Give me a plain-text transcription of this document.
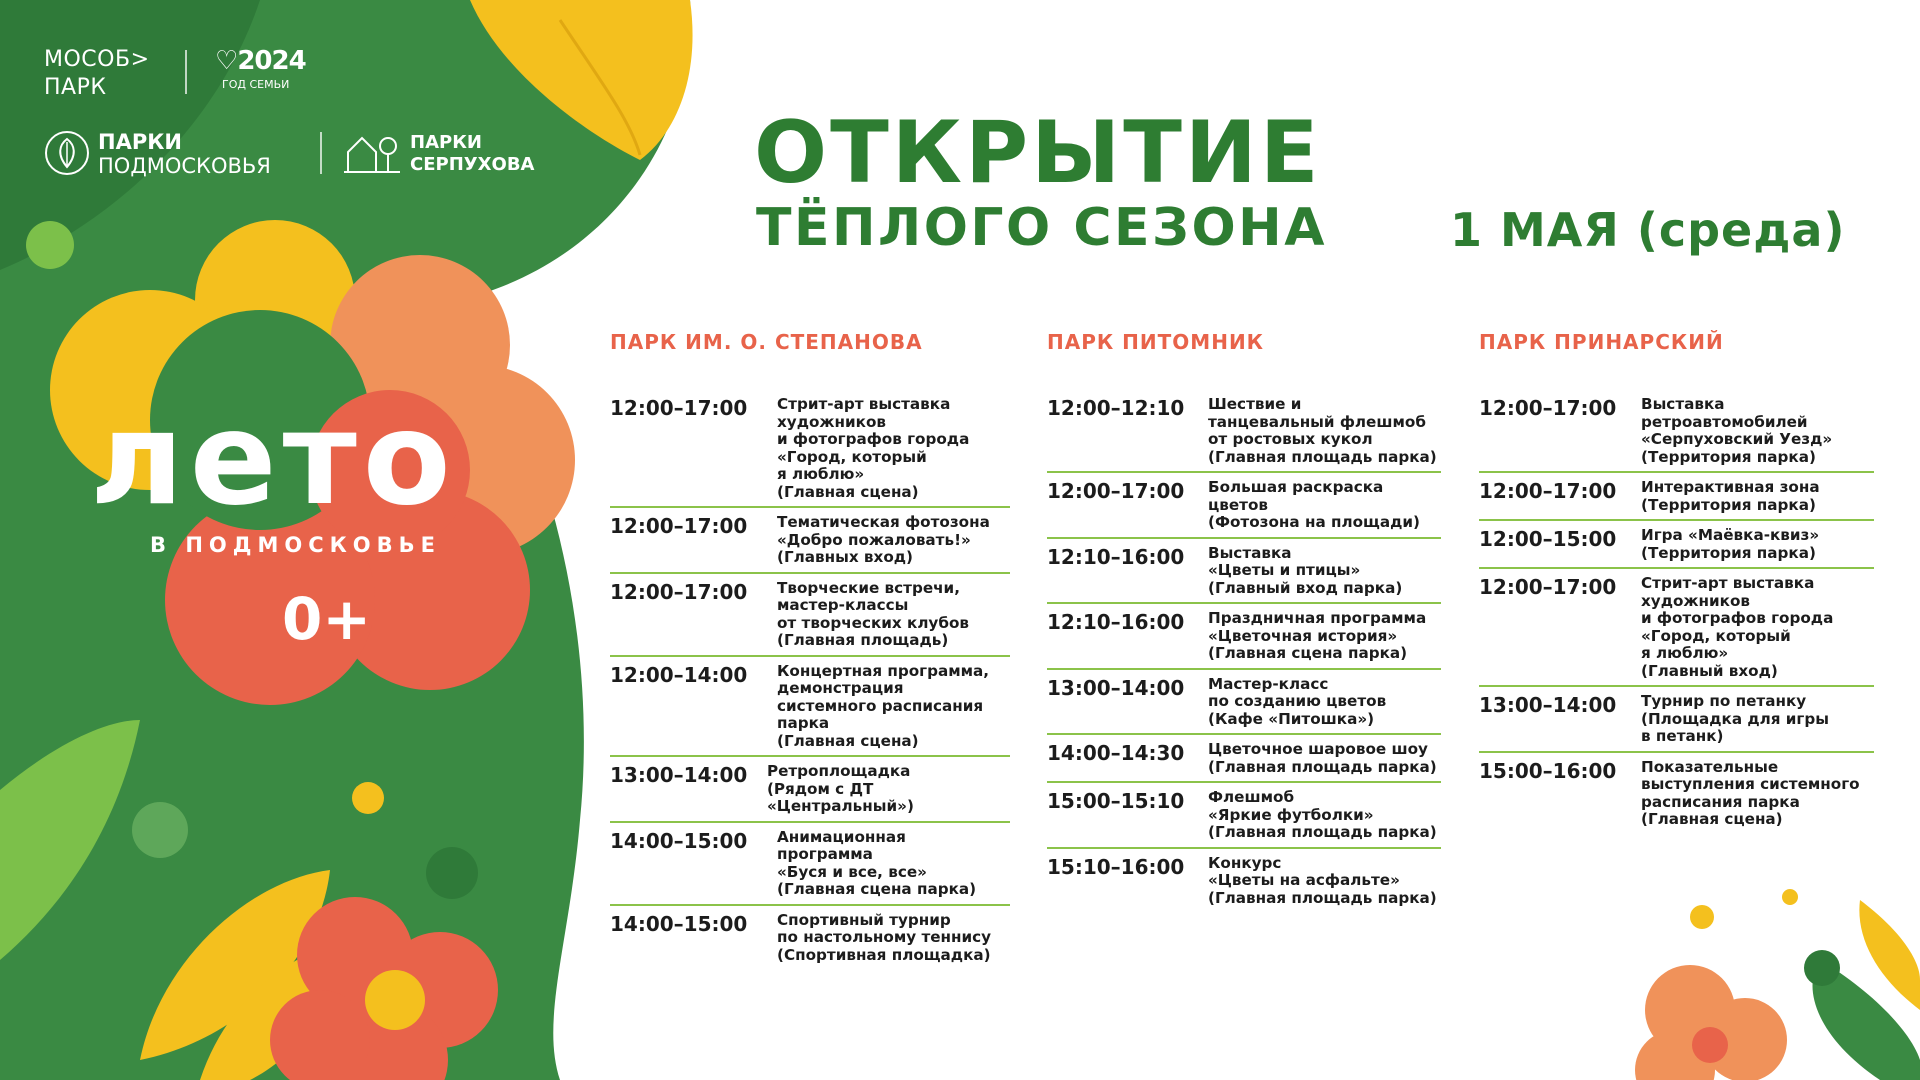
МОСОБ>
ПАРК
♡2024
ГОД СЕМЬИ
ПАРКИ
ПОДМОСКОВЬЯ
ПАРКИ
СЕРПУХОВА
лето
В ПОДМОСКОВЬЕ
0+
ОТКРЫТИЕ
ТЁПЛОГО СЕЗОНА	1 МАЯ (среда)
ПАРК ИМ. О. СТЕПАНОВА
12:00–17:00	Стрит-арт выставка
художников
и фотографов города
«Город, который
я люблю»
(Главная сцена)
12:00–17:00	Тематическая фотозона
«Добро пожаловать!»
(Главных вход)
12:00–17:00	Творческие встречи,
мастер-классы
от творческих клубов
(Главная площадь)
12:00–14:00	Концертная программа,
демонстрация
системного расписания
парка
(Главная сцена)
13:00–14:00	Ретроплощадка
(Рядом с ДТ «Центральный»)
14:00–15:00	Анимационная
программа
«Буся и все, все»
(Главная сцена парка)
14:00–15:00	Спортивный турнир
по настольному теннису
(Спортивная площадка)
ПАРК ПИТОМНИК
12:00–12:10	Шествие и
танцевальный флешмоб
от ростовых кукол
(Главная площадь парка)
12:00–17:00	Большая раскраска
цветов
(Фотозона на площади)
12:10–16:00	Выставка
«Цветы и птицы»
(Главный вход парка)
12:10–16:00	Праздничная программа
«Цветочная история»
(Главная сцена парка)
13:00–14:00	Мастер-класс
по созданию цветов
(Кафе «Питошка»)
14:00–14:30	Цветочное шаровое шоу
(Главная площадь парка)
15:00–15:10	Флешмоб
«Яркие футболки»
(Главная площадь парка)
15:10–16:00	Конкурс
«Цветы на асфальте»
(Главная площадь парка)
ПАРК ПРИНАРСКИЙ
12:00–17:00	Выставка
ретроавтомобилей
«Серпуховский Уезд»
(Территория парка)
12:00–17:00	Интерактивная зона
(Территория парка)
12:00–15:00	Игра «Маёвка-квиз»
(Территория парка)
12:00–17:00	Стрит-арт выставка
художников
и фотографов города
«Город, который
я люблю»
(Главный вход)
13:00–14:00	Турнир по петанку
(Площадка для игры
в петанк)
15:00–16:00	Показательные
выступления системного
расписания парка
(Главная сцена)
